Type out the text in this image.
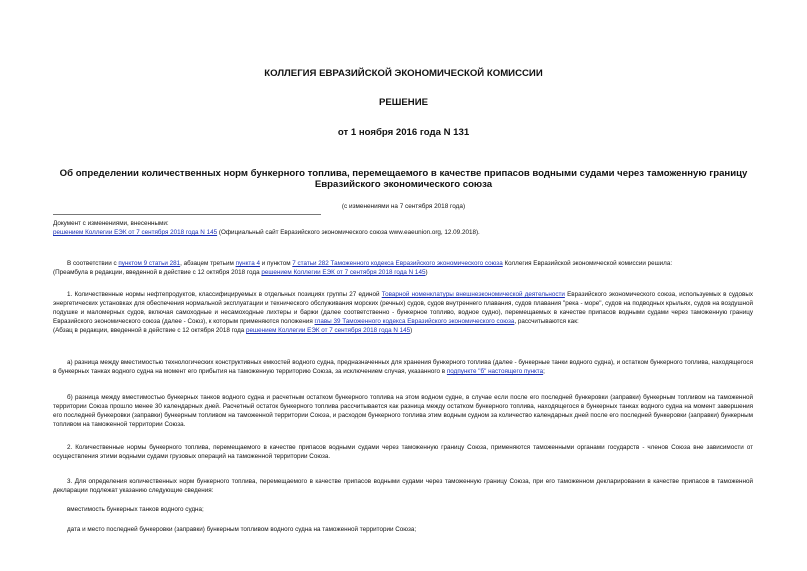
КОЛЛЕГИЯ ЕВРАЗИЙСКОЙ ЭКОНОМИЧЕСКОЙ КОМИССИИ
РЕШЕНИЕ
от 1 ноября 2016 года N 131
Об определении количественных норм бункерного топлива, перемещаемого в качестве припасов водными судами через таможенную границу Евразийского экономического союза
(с изменениями на 7 сентября 2018 года)

Документ с изменениями, внесенными:

решением Коллегии ЕЭК от 7 сентября 2018 года N 145 (Официальный сайт Евразийского экономического союза www.eaeunion.org, 12.09.2018).

В соответствии с пунктом 9 статьи 281, абзацем третьим пункта 4 и пунктом 7 статьи 282 Таможенного кодекса Евразийского экономического союза Коллегия Евразийской экономической комиссии решила:

(Преамбула в редакции, введенной в действие с 12 октября 2018 года решением Коллегии ЕЭК от 7 сентября 2018 года N 145)

1. Количественные нормы нефтепродуктов, классифицируемых в отдельных позициях группы 27 единой Товарной номенклатуры внешнеэкономической деятельности Евразийского экономического союза, используемых в судовых энергетических установках для обеспечения нормальной эксплуатации и технического обслуживания морских (речных) судов, судов внутреннего плавания, судов плавания "река - море", судов на подводных крыльях, судов на воздушной подушке и маломерных судов, включая самоходные и несамоходные лихтеры и баржи (далее соответственно - бункерное топливо, водное судно), перемещаемых в качестве припасов водными судами через таможенную границу Евразийского экономического союза (далее - Союз), к которым применяются положения главы 39 Таможенного кодекса Евразийского экономического союза, рассчитываются как:

(Абзац в редакции, введенной в действие с 12 октября 2018 года решением Коллегии ЕЭК от 7 сентября 2018 года N 145)

а) разница между вместимостью технологических конструктивных емкостей водного судна, предназначенных для хранения бункерного топлива (далее - бункерные танки водного судна), и остатком бункерного топлива, находящегося в бункерных танках водного судна на момент его прибытия на таможенную территорию Союза, за исключением случая, указанного в подпункте "б" настоящего пункта;

б) разница между вместимостью бункерных танков водного судна и расчетным остатком бункерного топлива на этом водном судне, в случае если после его последней бункеровки (заправки) бункерным топливом на таможенной территории Союза прошло менее 30 календарных дней. Расчетный остаток бункерного топлива рассчитывается как разница между остатком бункерного топлива, находящегося в бункерных танках водного судна на момент завершения его последней бункеровки (заправки) бункерным топливом на таможенной территории Союза, и расходом бункерного топлива этим водным судном за количество календарных дней после его последней бункеровки (заправки) бункерным топливом на таможенной территории Союза.

2. Количественные нормы бункерного топлива, перемещаемого в качестве припасов водными судами через таможенную границу Союза, применяются таможенными органами государств - членов Союза вне зависимости от осуществления этими водными судами грузовых операций на таможенной территории Союза.

3. Для определения количественных норм бункерного топлива, перемещаемого в качестве припасов водными судами через таможенную границу Союза, при его таможенном декларировании в качестве припасов в таможенной декларации подлежат указанию следующие сведения:

вместимость бункерных танков водного судна;

дата и место последней бункеровки (заправки) бункерным топливом водного судна на таможенной территории Союза;
